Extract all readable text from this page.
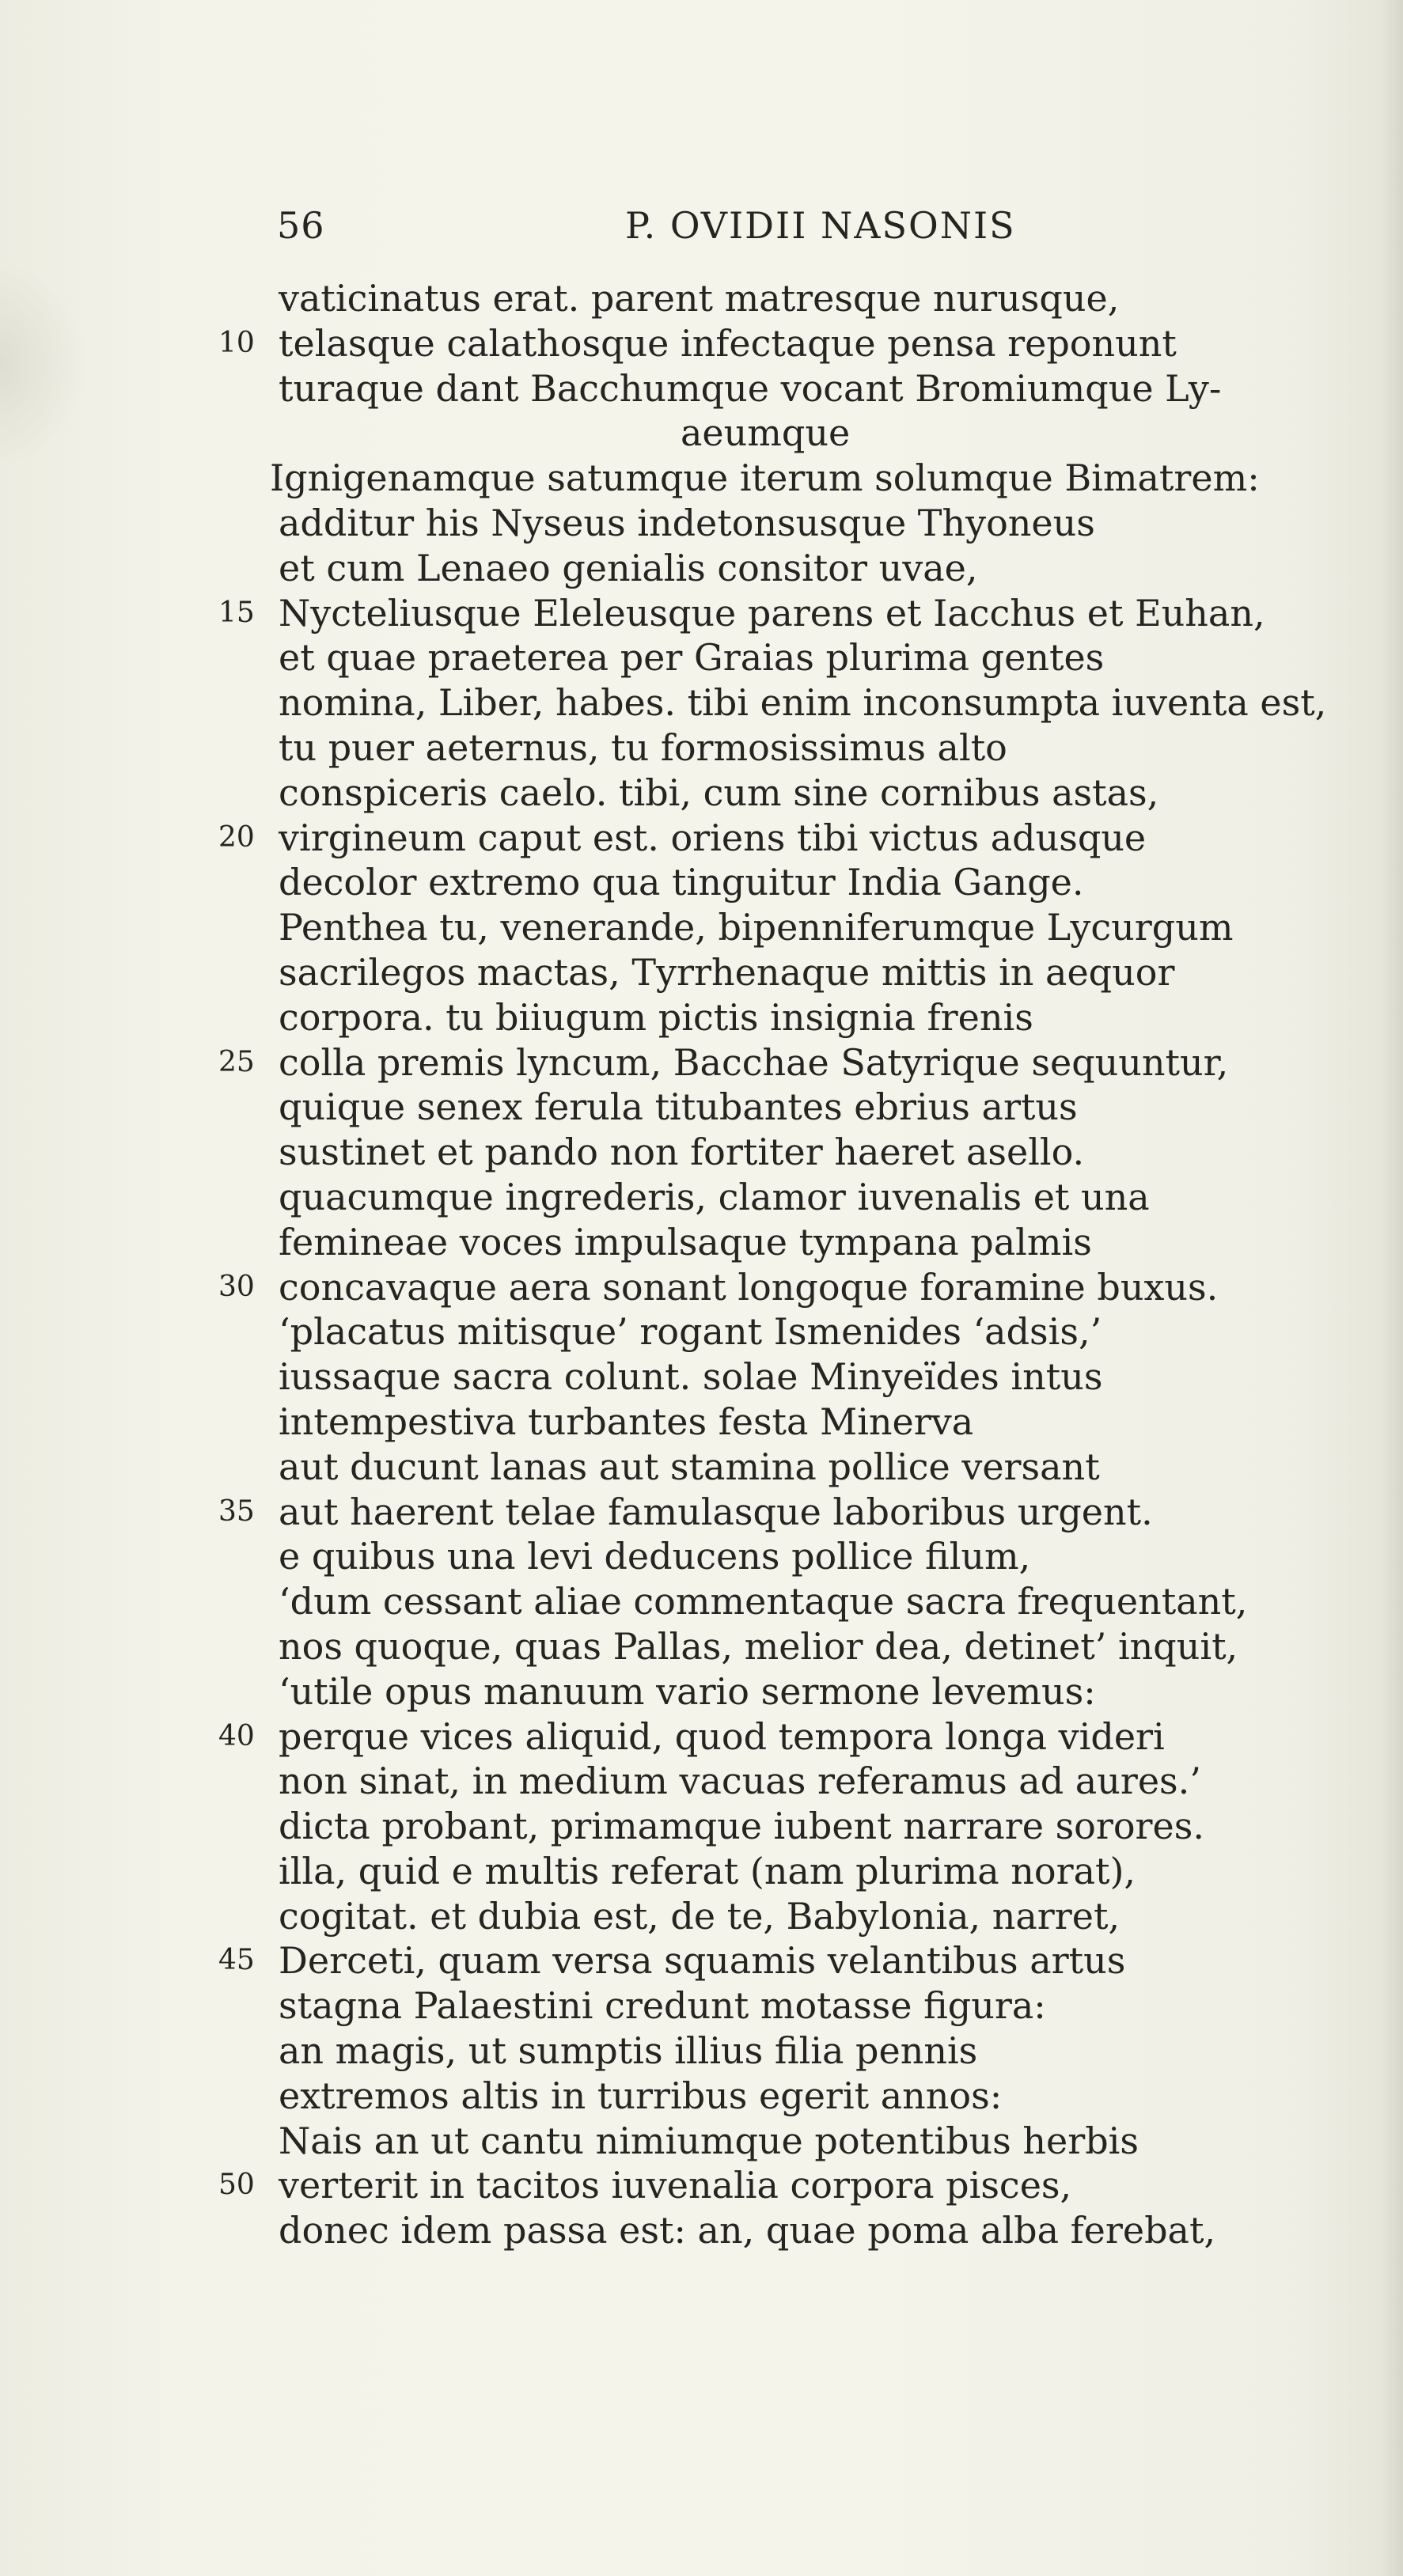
56	P. OVIDII NASONIS
vaticinatus erat. parent matresque nurusque,
10 telasque calathosque infectaque pensa reponunt
turaque dant Bacchumque vocant Bromiumque Ly-
aeumque
Ignigenamque satumque iterum solumque Bimatrem:
additur his Nyseus indetonsusque Thyoneus
et cum Lenaeo genialis consitor uvae,
15 Nycteliusque Eleleusque parens et Iacchus et Euhan,
et quae praeterea per Graias plurima gentes
nomina, Liber, habes. tibi enim inconsumpta iuventa est,
tu puer aeternus, tu formosissimus alto
conspiceris caelo. tibi, cum sine cornibus astas,
20 virgineum caput est. oriens tibi victus adusque
decolor extremo qua tinguitur India Gange.
Penthea tu, venerande, bipenniferumque Lycurgum
sacrilegos mactas, Tyrrhenaque mittis in aequor
corpora. tu biiugum pictis insignia frenis
25 colla premis lyncum, Bacchae Satyrique sequuntur,
quique senex ferula titubantes ebrius artus
sustinet et pando non fortiter haeret asello.
quacumque ingrederis, clamor iuvenalis et una
femineae voces impulsaque tympana palmis
30 concavaque aera sonant longoque foramine buxus.
‘placatus mitisque’ rogant Ismenides ‘adsis,’
iussaque sacra colunt. solae Minyeïdes intus
intempestiva turbantes festa Minerva
aut ducunt lanas aut stamina pollice versant
35 aut haerent telae famulasque laboribus urgent.
e quibus una levi deducens pollice filum,
‘dum cessant aliae commentaque sacra frequentant,
nos quoque, quas Pallas, melior dea, detinet’ inquit,
‘utile opus manuum vario sermone levemus:
40 perque vices aliquid, quod tempora longa videri
non sinat, in medium vacuas referamus ad aures.’
dicta probant, primamque iubent narrare sorores.
illa, quid e multis referat (nam plurima norat),
cogitat. et dubia est, de te, Babylonia, narret,
45 Derceti, quam versa squamis velantibus artus
stagna Palaestini credunt motasse figura:
an magis, ut sumptis illius filia pennis
extremos altis in turribus egerit annos:
Nais an ut cantu nimiumque potentibus herbis
50 verterit in tacitos iuvenalia corpora pisces,
donec idem passa est: an, quae poma alba ferebat,
